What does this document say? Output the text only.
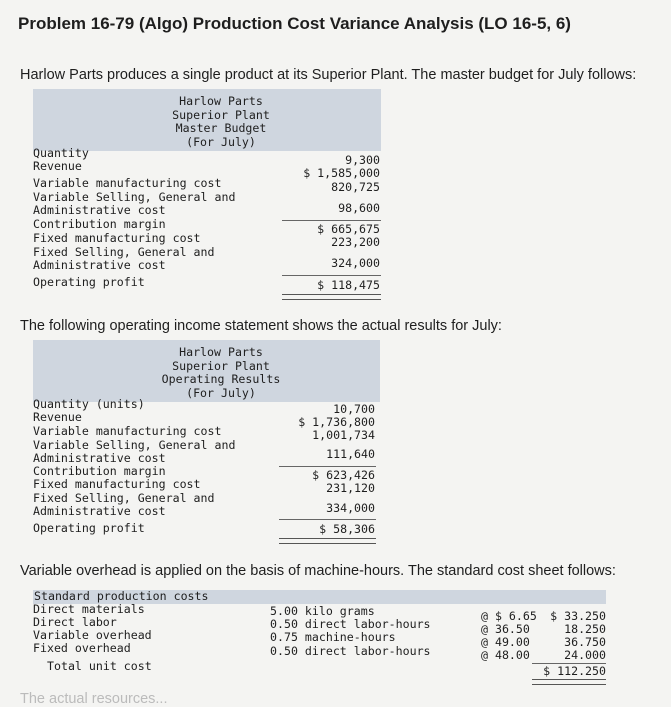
Problem 16-79 (Algo) Production Cost Variance Analysis (LO 16-5, 6)
Harlow Parts produces a single product at its Superior Plant. The master budget for July follows:
Harlow Parts
Superior Plant
Master Budget
(For July)
Quantity
Revenue
Variable manufacturing cost
Variable Selling, General and
Administrative cost
Contribution margin
Fixed manufacturing cost
Fixed Selling, General and
Administrative cost
Operating profit
9,300
$ 1,585,000
820,725
98,600
$ 665,675
223,200
324,000
$ 118,475
The following operating income statement shows the actual results for July:
Harlow Parts
Superior Plant
Operating Results
(For July)
Quantity (units)
Revenue
Variable manufacturing cost
Variable Selling, General and
Administrative cost
Contribution margin
Fixed manufacturing cost
Fixed Selling, General and
Administrative cost
Operating profit
10,700
$ 1,736,800
1,001,734
111,640
$ 623,426
231,120
334,000
$ 58,306
Variable overhead is applied on the basis of machine-hours. The standard cost sheet follows:
Standard production costs
Direct materials
Direct labor
Variable overhead
Fixed overhead
Total unit cost
5.00 kilo grams
0.50 direct labor-hours
0.75 machine-hours
0.50 direct labor-hours
@ $ 6.65
@ 36.50
@ 49.00
@ 48.00
$ 33.250
18.250
36.750
24.000
$ 112.250
The actual resources...
